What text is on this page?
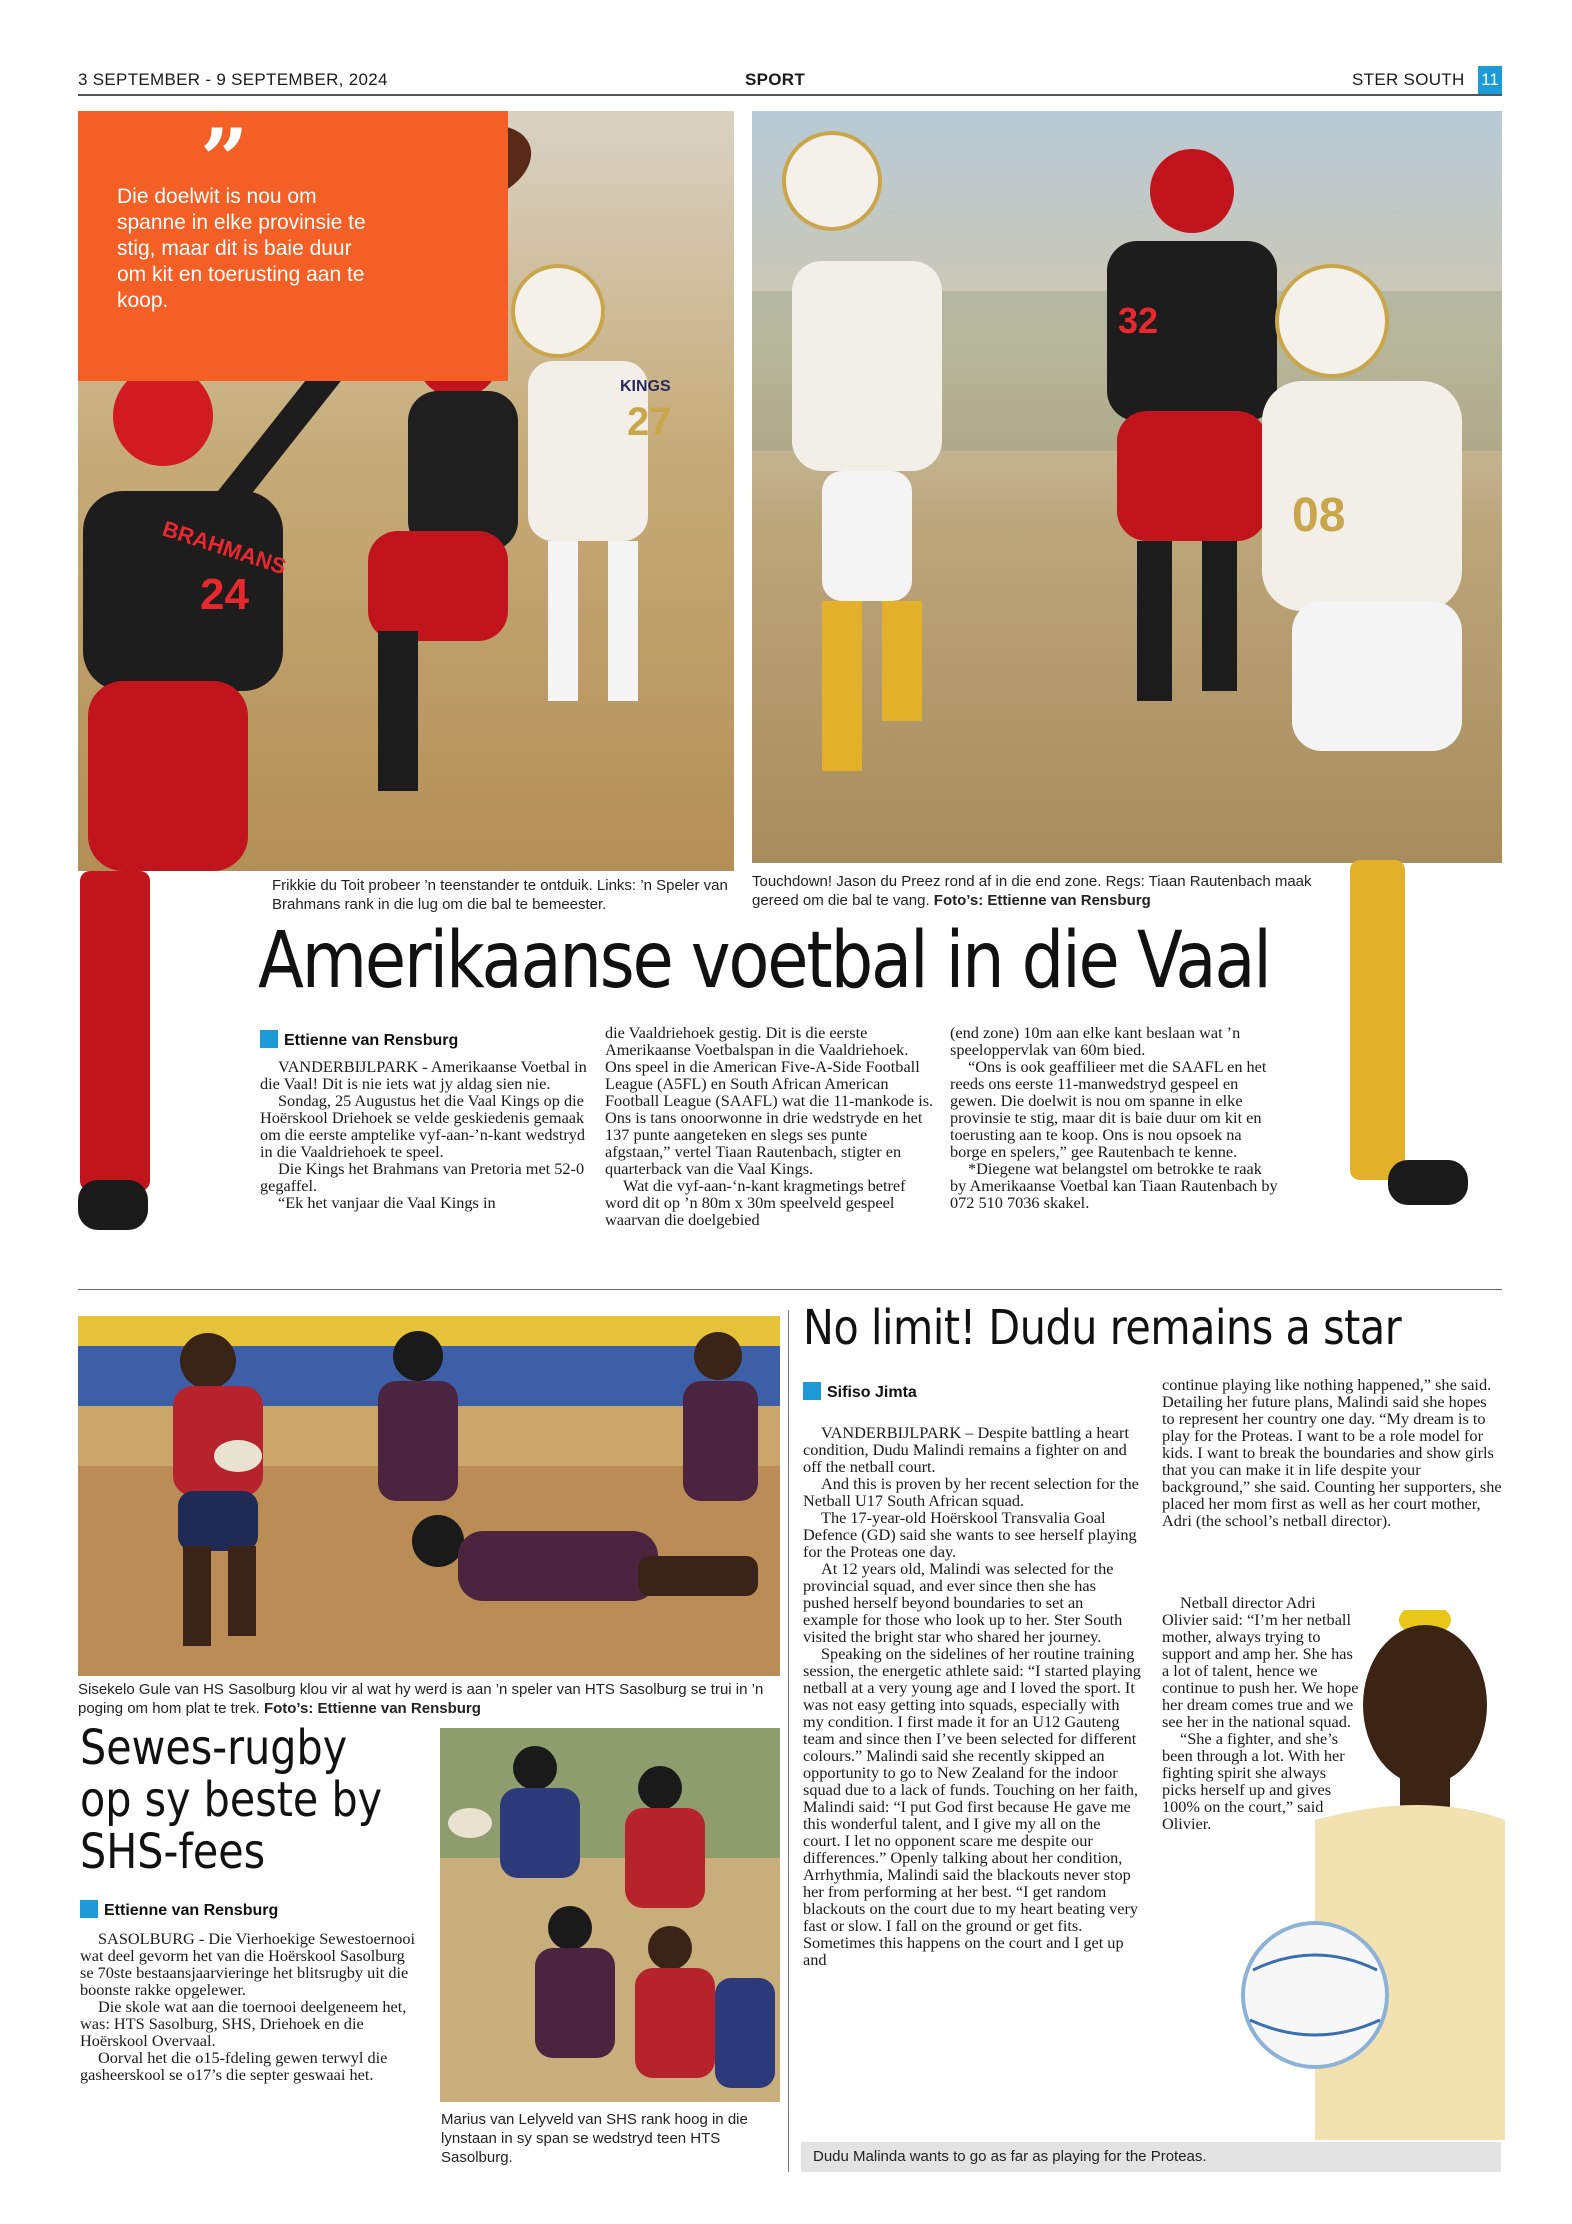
3 SEPTEMBER - 9 SEPTEMBER, 2024	SPORT	STER SOUTH 11
24
BRAHMANS
27
KINGS
”
Die doelwit is nou om spanne in elke provinsie te stig, maar dit is baie duur om kit en toerusting aan te koop.	32
08
Frikkie du Toit probeer ’n teenstander te ontduik. Links: ’n Speler van Brahmans rank in die lug om die bal te bemeester.
Touchdown! Jason du Preez rond af in die end zone. Regs: Tiaan Rautenbach maak gereed om die bal te vang. Foto’s: Ettienne van Rensburg
Amerikaanse voetbal in die Vaal
Ettienne van Rensburg

VANDERBIJLPARK - Amerikaanse Voetbal in die Vaal! Dit is nie iets wat jy aldag sien nie.

Sondag, 25 Augustus het die Vaal Kings op die Hoërskool Driehoek se velde geskiedenis gemaak om die eerste amptelike vyf-aan-’n-kant wedstryd in die Vaaldriehoek te speel.

Die Kings het Brahmans van Pretoria met 52-0 gegaffel.

“Ek het vanjaar die Vaal Kings in

die Vaaldriehoek gestig. Dit is die eerste Amerikaanse Voetbalspan in die Vaaldriehoek. Ons speel in die American Five-A-Side Football League (A5FL) en South African American Football League (SAAFL) wat die 11-mankode is. Ons is tans onoorwonne in drie wedstryde en het 137 punte aangeteken en slegs ses punte afgstaan,” vertel Tiaan Rautenbach, stigter en quarterback van die Vaal Kings.

Wat die vyf-aan-‘n-kant kragmetings betref word dit op ’n 80m x 30m speelveld gespeel waarvan die doelgebied

(end zone) 10m aan elke kant beslaan wat ’n speeloppervlak van 60m bied.

“Ons is ook geaffilieer met die SAAFL en het reeds ons eerste 11-manwedstryd gespeel en gewen. Die doelwit is nou om spanne in elke provinsie te stig, maar dit is baie duur om kit en toerusting aan te koop. Ons is nou opsoek na borge en spelers,” gee Rautenbach te kenne.

*Diegene wat belangstel om betrokke te raak by Amerikaanse Voetbal kan Tiaan Rautenbach by 072 510 7036 skakel.

Sisekelo Gule van HS Sasolburg klou vir al wat hy werd is aan ’n speler van HTS Sasolburg se trui in ’n poging om hom plat te trek. Foto’s: Ettienne van Rensburg
Sewes-rugby op sy beste by SHS-fees
Ettienne van Rensburg

SASOLBURG - Die Vierhoekige Sewestoernooi wat deel gevorm het van die Hoërskool Sasolburg se 70ste bestaansjaarvieringe het blitsrugby uit die boonste rakke opgelewer.

Die skole wat aan die toernooi deelgeneem het, was: HTS Sasolburg, SHS, Driehoek en die Hoërskool Overvaal.

Oorval het die o15-fdeling gewen terwyl die gasheerskool se o17’s die septer geswaai het.

Marius van Lelyveld van SHS rank hoog in die lynstaan in sy span se wedstryd teen HTS Sasolburg.
No limit! Dudu remains a star
Sifiso Jimta

VANDERBIJLPARK – Despite battling a heart condition, Dudu Malindi remains a fighter on and off the netball court.

And this is proven by her recent selection for the Netball U17 South African squad.

The 17-year-old Hoërskool Transvalia Goal Defence (GD) said she wants to see herself playing for the Proteas one day.

At 12 years old, Malindi was selected for the provincial squad, and ever since then she has pushed herself beyond boundaries to set an example for those who look up to her. Ster South visited the bright star who shared her journey.

Speaking on the sidelines of her routine training session, the energetic athlete said: “I started playing netball at a very young age and I loved the sport. It was not easy getting into squads, especially with my condition. I first made it for an U12 Gauteng team and since then I’ve been selected for different colours.” Malindi said she recently skipped an opportunity to go to New Zealand for the indoor squad due to a lack of funds. Touching on her faith, Malindi said: “I put God first because He gave me this wonderful talent, and I give my all on the court. I let no opponent scare me despite our differences.” Openly talking about her condition, Arrhythmia, Malindi said the blackouts never stop her from performing at her best. “I get random blackouts on the court due to my heart beating very fast or slow. I fall on the ground or get fits. Sometimes this happens on the court and I get up and

continue playing like nothing happened,” she said. Detailing her future plans, Malindi said she hopes to represent her country one day. “My dream is to play for the Proteas. I want to be a role model for kids. I want to break the boundaries and show girls that you can make it in life despite your background,” she said. Counting her supporters, she placed her mom first as well as her court mother, Adri (the school’s netball director).

Netball director Adri Olivier said: “I’m her netball mother, always trying to support and amp her. She has a lot of talent, hence we continue to push her. We hope her dream comes true and we see her in the national squad.

“She a fighter, and she’s been through a lot. With her fighting spirit she always picks herself up and gives 100% on the court,” said Olivier.

Dudu Malinda wants to go as far as playing for the Proteas.
